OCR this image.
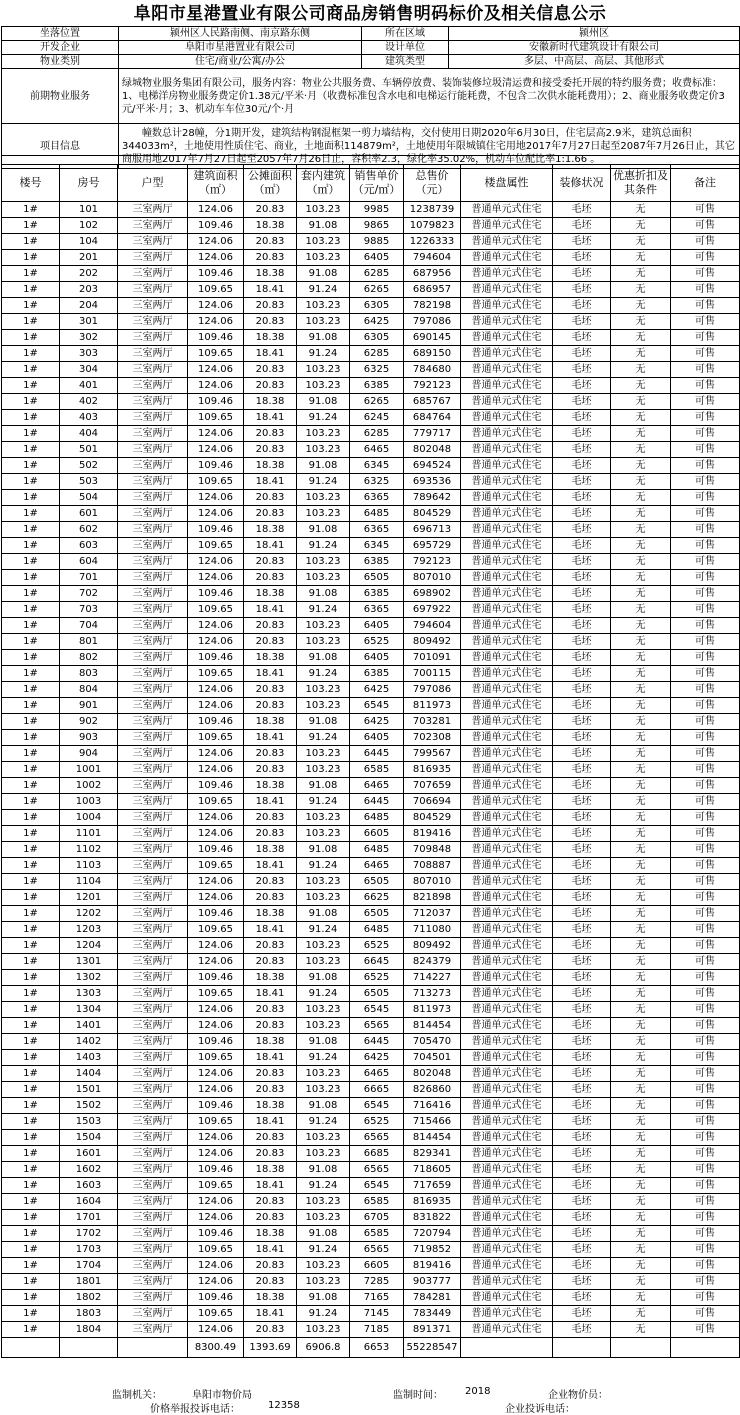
阜阳市星港置业有限公司商品房销售明码标价及相关信息公示
坐落位置	颍州区人民路南侧、南京路东侧	所在区域	颍州区
开发企业	阜阳市星港置业有限公司	设计单位	安徽新时代建筑设计有限公司
物业类别	住宅/商业/公寓/办公	建筑类型	多层、中高层、高层、其他形式
前期物业服务	绿城物业服务集团有限公司，服务内容：物业公共服务费、车辆停放费、装饰装修垃圾清运费和接受委托开展的特约服务费；收费标准：1、电梯洋房物业服务费定价1.38元/平米·月（收费标准包含水电和电梯运行能耗费，不包含二次供水能耗费用）；2、商业服务收费定价3元/平米·月；3、机动车车位30元/个·月		
项目信息	幢数总计28幢，分1期开发，建筑结构钢混框架一剪力墙结构，交付使用日期2020年6月30日，住宅层高2.9米，建筑总面积344033m²，土地使用性质住宅、商业，土地面积114879m²，土地使用年限城镇住宅用地2017年7月27日起至2087年7月26日止，其它商服用地2017年7月27日起至2057年7月26日止，容积率2.3，绿化率35.02%，机动车位配比率1:1.66 。		

楼号	房号	户型	建筑面积（㎡）	公摊面积（㎡）	套内建筑（㎡）	销售单价（元/㎡）	总售价（元）	楼盘属性	装修状况	优惠折扣及其条件	备注
1#	101	三室两厅	124.06	20.83	103.23	9985	1238739	普通单元式住宅	毛坯	无	可售
1#	102	三室两厅	109.46	18.38	91.08	9865	1079823	普通单元式住宅	毛坯	无	可售
1#	104	三室两厅	124.06	20.83	103.23	9885	1226333	普通单元式住宅	毛坯	无	可售
1#	201	三室两厅	124.06	20.83	103.23	6405	794604	普通单元式住宅	毛坯	无	可售
1#	202	三室两厅	109.46	18.38	91.08	6285	687956	普通单元式住宅	毛坯	无	可售
1#	203	三室两厅	109.65	18.41	91.24	6265	686957	普通单元式住宅	毛坯	无	可售
1#	204	三室两厅	124.06	20.83	103.23	6305	782198	普通单元式住宅	毛坯	无	可售
1#	301	三室两厅	124.06	20.83	103.23	6425	797086	普通单元式住宅	毛坯	无	可售
1#	302	三室两厅	109.46	18.38	91.08	6305	690145	普通单元式住宅	毛坯	无	可售
1#	303	三室两厅	109.65	18.41	91.24	6285	689150	普通单元式住宅	毛坯	无	可售
1#	304	三室两厅	124.06	20.83	103.23	6325	784680	普通单元式住宅	毛坯	无	可售
1#	401	三室两厅	124.06	20.83	103.23	6385	792123	普通单元式住宅	毛坯	无	可售
1#	402	三室两厅	109.46	18.38	91.08	6265	685767	普通单元式住宅	毛坯	无	可售
1#	403	三室两厅	109.65	18.41	91.24	6245	684764	普通单元式住宅	毛坯	无	可售
1#	404	三室两厅	124.06	20.83	103.23	6285	779717	普通单元式住宅	毛坯	无	可售
1#	501	三室两厅	124.06	20.83	103.23	6465	802048	普通单元式住宅	毛坯	无	可售
1#	502	三室两厅	109.46	18.38	91.08	6345	694524	普通单元式住宅	毛坯	无	可售
1#	503	三室两厅	109.65	18.41	91.24	6325	693536	普通单元式住宅	毛坯	无	可售
1#	504	三室两厅	124.06	20.83	103.23	6365	789642	普通单元式住宅	毛坯	无	可售
1#	601	三室两厅	124.06	20.83	103.23	6485	804529	普通单元式住宅	毛坯	无	可售
1#	602	三室两厅	109.46	18.38	91.08	6365	696713	普通单元式住宅	毛坯	无	可售
1#	603	三室两厅	109.65	18.41	91.24	6345	695729	普通单元式住宅	毛坯	无	可售
1#	604	三室两厅	124.06	20.83	103.23	6385	792123	普通单元式住宅	毛坯	无	可售
1#	701	三室两厅	124.06	20.83	103.23	6505	807010	普通单元式住宅	毛坯	无	可售
1#	702	三室两厅	109.46	18.38	91.08	6385	698902	普通单元式住宅	毛坯	无	可售
1#	703	三室两厅	109.65	18.41	91.24	6365	697922	普通单元式住宅	毛坯	无	可售
1#	704	三室两厅	124.06	20.83	103.23	6405	794604	普通单元式住宅	毛坯	无	可售
1#	801	三室两厅	124.06	20.83	103.23	6525	809492	普通单元式住宅	毛坯	无	可售
1#	802	三室两厅	109.46	18.38	91.08	6405	701091	普通单元式住宅	毛坯	无	可售
1#	803	三室两厅	109.65	18.41	91.24	6385	700115	普通单元式住宅	毛坯	无	可售
1#	804	三室两厅	124.06	20.83	103.23	6425	797086	普通单元式住宅	毛坯	无	可售
1#	901	三室两厅	124.06	20.83	103.23	6545	811973	普通单元式住宅	毛坯	无	可售
1#	902	三室两厅	109.46	18.38	91.08	6425	703281	普通单元式住宅	毛坯	无	可售
1#	903	三室两厅	109.65	18.41	91.24	6405	702308	普通单元式住宅	毛坯	无	可售
1#	904	三室两厅	124.06	20.83	103.23	6445	799567	普通单元式住宅	毛坯	无	可售
1#	1001	三室两厅	124.06	20.83	103.23	6585	816935	普通单元式住宅	毛坯	无	可售
1#	1002	三室两厅	109.46	18.38	91.08	6465	707659	普通单元式住宅	毛坯	无	可售
1#	1003	三室两厅	109.65	18.41	91.24	6445	706694	普通单元式住宅	毛坯	无	可售
1#	1004	三室两厅	124.06	20.83	103.23	6485	804529	普通单元式住宅	毛坯	无	可售
1#	1101	三室两厅	124.06	20.83	103.23	6605	819416	普通单元式住宅	毛坯	无	可售
1#	1102	三室两厅	109.46	18.38	91.08	6485	709848	普通单元式住宅	毛坯	无	可售
1#	1103	三室两厅	109.65	18.41	91.24	6465	708887	普通单元式住宅	毛坯	无	可售
1#	1104	三室两厅	124.06	20.83	103.23	6505	807010	普通单元式住宅	毛坯	无	可售
1#	1201	三室两厅	124.06	20.83	103.23	6625	821898	普通单元式住宅	毛坯	无	可售
1#	1202	三室两厅	109.46	18.38	91.08	6505	712037	普通单元式住宅	毛坯	无	可售
1#	1203	三室两厅	109.65	18.41	91.24	6485	711080	普通单元式住宅	毛坯	无	可售
1#	1204	三室两厅	124.06	20.83	103.23	6525	809492	普通单元式住宅	毛坯	无	可售
1#	1301	三室两厅	124.06	20.83	103.23	6645	824379	普通单元式住宅	毛坯	无	可售
1#	1302	三室两厅	109.46	18.38	91.08	6525	714227	普通单元式住宅	毛坯	无	可售
1#	1303	三室两厅	109.65	18.41	91.24	6505	713273	普通单元式住宅	毛坯	无	可售
1#	1304	三室两厅	124.06	20.83	103.23	6545	811973	普通单元式住宅	毛坯	无	可售
1#	1401	三室两厅	124.06	20.83	103.23	6565	814454	普通单元式住宅	毛坯	无	可售
1#	1402	三室两厅	109.46	18.38	91.08	6445	705470	普通单元式住宅	毛坯	无	可售
1#	1403	三室两厅	109.65	18.41	91.24	6425	704501	普通单元式住宅	毛坯	无	可售
1#	1404	三室两厅	124.06	20.83	103.23	6465	802048	普通单元式住宅	毛坯	无	可售
1#	1501	三室两厅	124.06	20.83	103.23	6665	826860	普通单元式住宅	毛坯	无	可售
1#	1502	三室两厅	109.46	18.38	91.08	6545	716416	普通单元式住宅	毛坯	无	可售
1#	1503	三室两厅	109.65	18.41	91.24	6525	715466	普通单元式住宅	毛坯	无	可售
1#	1504	三室两厅	124.06	20.83	103.23	6565	814454	普通单元式住宅	毛坯	无	可售
1#	1601	三室两厅	124.06	20.83	103.23	6685	829341	普通单元式住宅	毛坯	无	可售
1#	1602	三室两厅	109.46	18.38	91.08	6565	718605	普通单元式住宅	毛坯	无	可售
1#	1603	三室两厅	109.65	18.41	91.24	6545	717659	普通单元式住宅	毛坯	无	可售
1#	1604	三室两厅	124.06	20.83	103.23	6585	816935	普通单元式住宅	毛坯	无	可售
1#	1701	三室两厅	124.06	20.83	103.23	6705	831822	普通单元式住宅	毛坯	无	可售
1#	1702	三室两厅	109.46	18.38	91.08	6585	720794	普通单元式住宅	毛坯	无	可售
1#	1703	三室两厅	109.65	18.41	91.24	6565	719852	普通单元式住宅	毛坯	无	可售
1#	1704	三室两厅	124.06	20.83	103.23	6605	819416	普通单元式住宅	毛坯	无	可售
1#	1801	三室两厅	124.06	20.83	103.23	7285	903777	普通单元式住宅	毛坯	无	可售
1#	1802	三室两厅	109.46	18.38	91.08	7165	784281	普通单元式住宅	毛坯	无	可售
1#	1803	三室两厅	109.65	18.41	91.24	7145	783449	普通单元式住宅	毛坯	无	可售
1#	1804	三室两厅	124.06	20.83	103.23	7185	891371	普通单元式住宅	毛坯	无	可售
			8300.49	1393.69	6906.8	6653	55228547				
监制机关：	阜阳市物价局	监制时间： 2018	企业物价员：
价格举报投诉电话：	12358	企业投诉电话：
